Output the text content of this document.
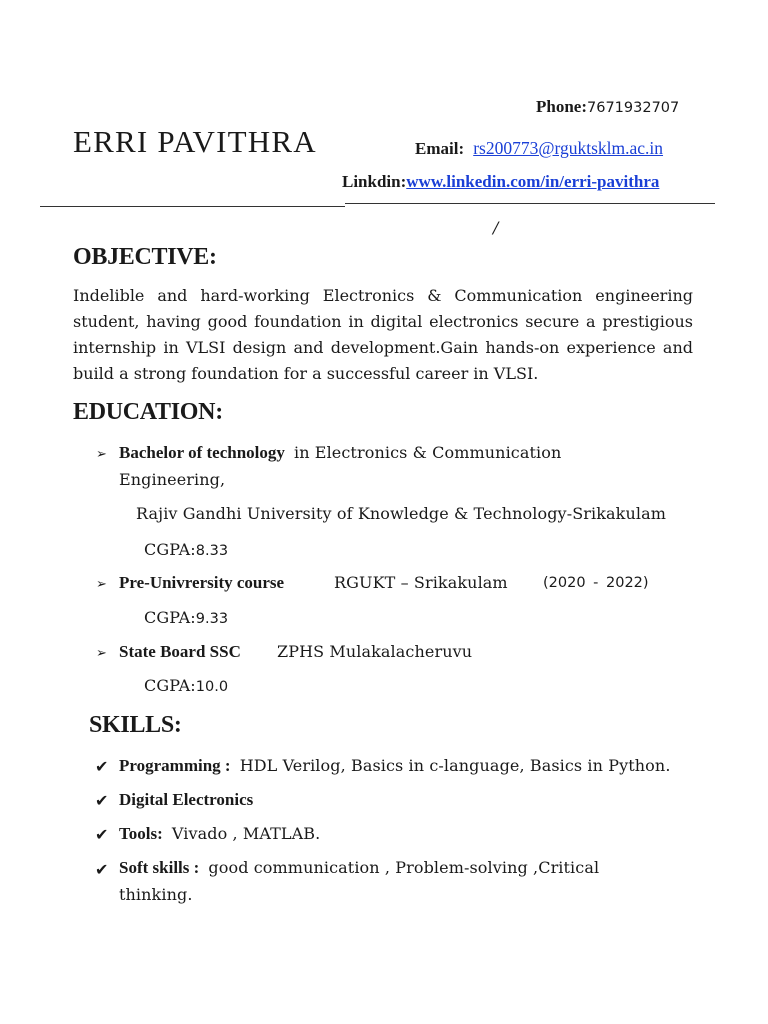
ERRI PAVITHRA
Phone:7671932707
Email: rs200773@rguktsklm.ac.in
Linkdin:www.linkedin.com/in/erri-pavithra
/
OBJECTIVE:
Indelible and hard-working Electronics & Communication engineering
student, having good foundation in digital electronics secure a prestigious
internship in VLSI design and development.Gain hands-on experience and
build a strong foundation for a successful career in VLSI.
EDUCATION:
➢ Bachelor of technology in Electronics & Communication
Engineering,
Rajiv Gandhi University of Knowledge & Technology-Srikakulam
CGPA:8.33
➢ Pre-Univrersity course	RGUKT – Srikakulam (2020 - 2022)
CGPA:9.33
➢ State Board SSC ZPHS Mulakalacheruvu
CGPA:10.0
SKILLS:
✔ Programming : HDL Verilog, Basics in c-language, Basics in Python.
✔ Digital Electronics
✔ Tools: Vivado , MATLAB.
✔ Soft skills : good communication , Problem-solving ,Critical
thinking.
